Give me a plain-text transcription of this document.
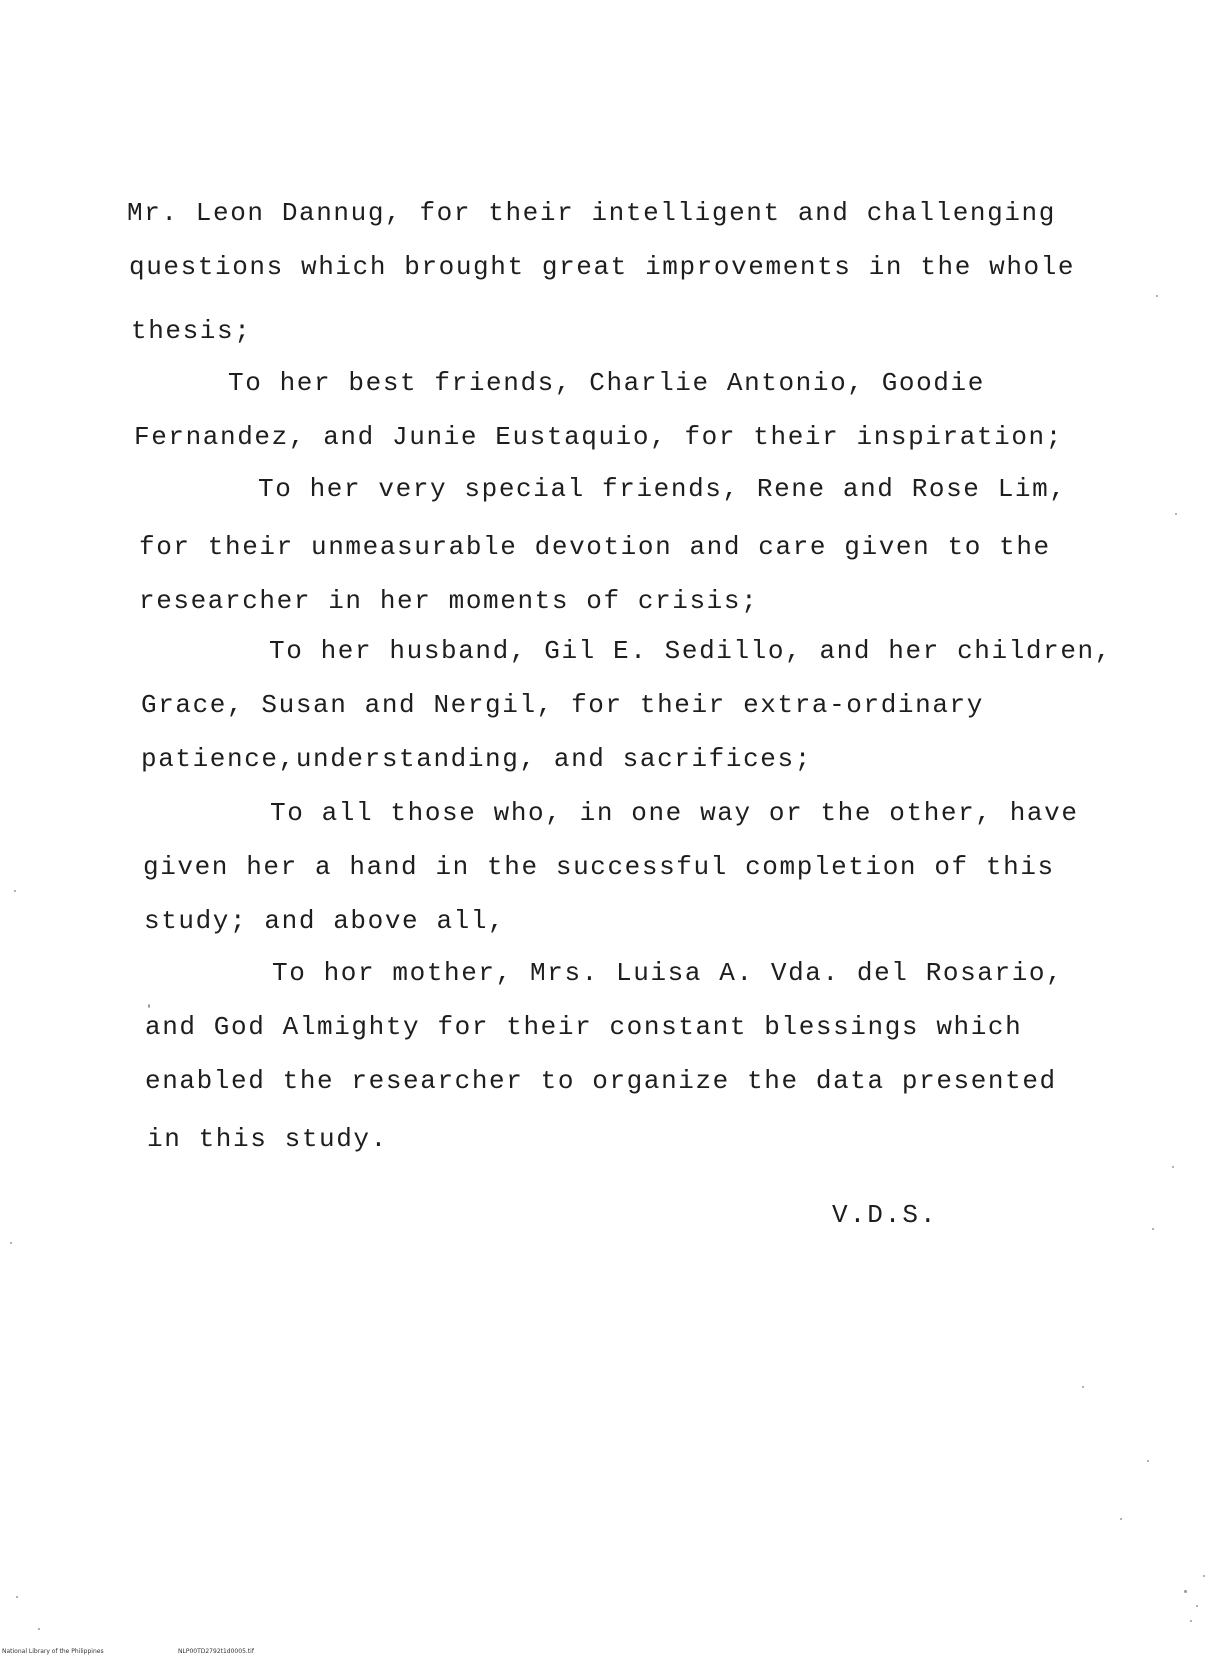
Mr. Leon Dannug, for their intelligent and challenging
questions which brought great improvements in the whole
thesis;
To her best friends, Charlie Antonio, Goodie
Fernandez, and Junie Eustaquio, for their inspiration;
To her very special friends, Rene and Rose Lim,
for their unmeasurable devotion and care given to the
researcher in her moments of crisis;
To her husband, Gil E. Sedillo, and her children,
Grace, Susan and Nergil, for their extra-ordinary
patience,understanding, and sacrifices;
To all those who, in one way or the other, have
given her a hand in the successful completion of this
study; and above all,
To hor mother, Mrs. Luisa A. Vda. del Rosario,
and God Almighty for their constant blessings which
enabled the researcher to organize the data presented
in this study.
V.D.S.
National Library of the Philippines	NLP00TD2792t1d0005.tif
